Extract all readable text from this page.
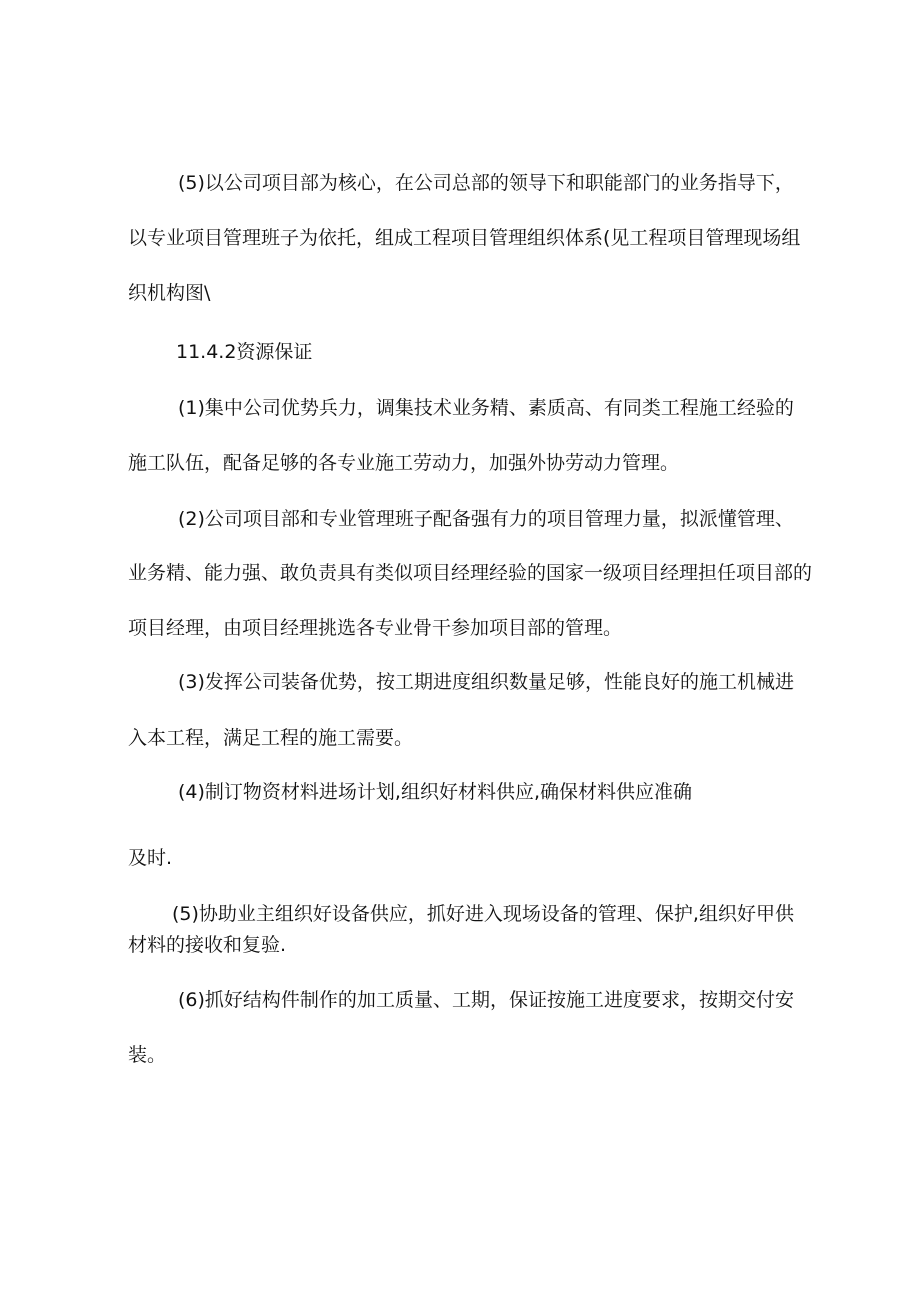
(5)以公司项目部为核心，在公司总部的领导下和职能部门的业务指导下，
以专业项目管理班子为依托，组成工程项目管理组织体系(见工程项目管理现场组
织机构图\
11.4.2资源保证
(1)集中公司优势兵力，调集技术业务精、素质高、有同类工程施工经验的
施工队伍，配备足够的各专业施工劳动力，加强外协劳动力管理。
(2)公司项目部和专业管理班子配备强有力的项目管理力量，拟派懂管理、
业务精、能力强、敢负责具有类似项目经理经验的国家一级项目经理担任项目部的
项目经理，由项目经理挑选各专业骨干参加项目部的管理。
(3)发挥公司装备优势，按工期进度组织数量足够，性能良好的施工机械进
入本工程，满足工程的施工需要。
(4)制订物资材料进场计划,组织好材料供应,确保材料供应准确
及时.
(5)协助业主组织好设备供应，抓好进入现场设备的管理、保护,组织好甲供
材料的接收和复验.
(6)抓好结构件制作的加工质量、工期，保证按施工进度要求，按期交付安
装。
